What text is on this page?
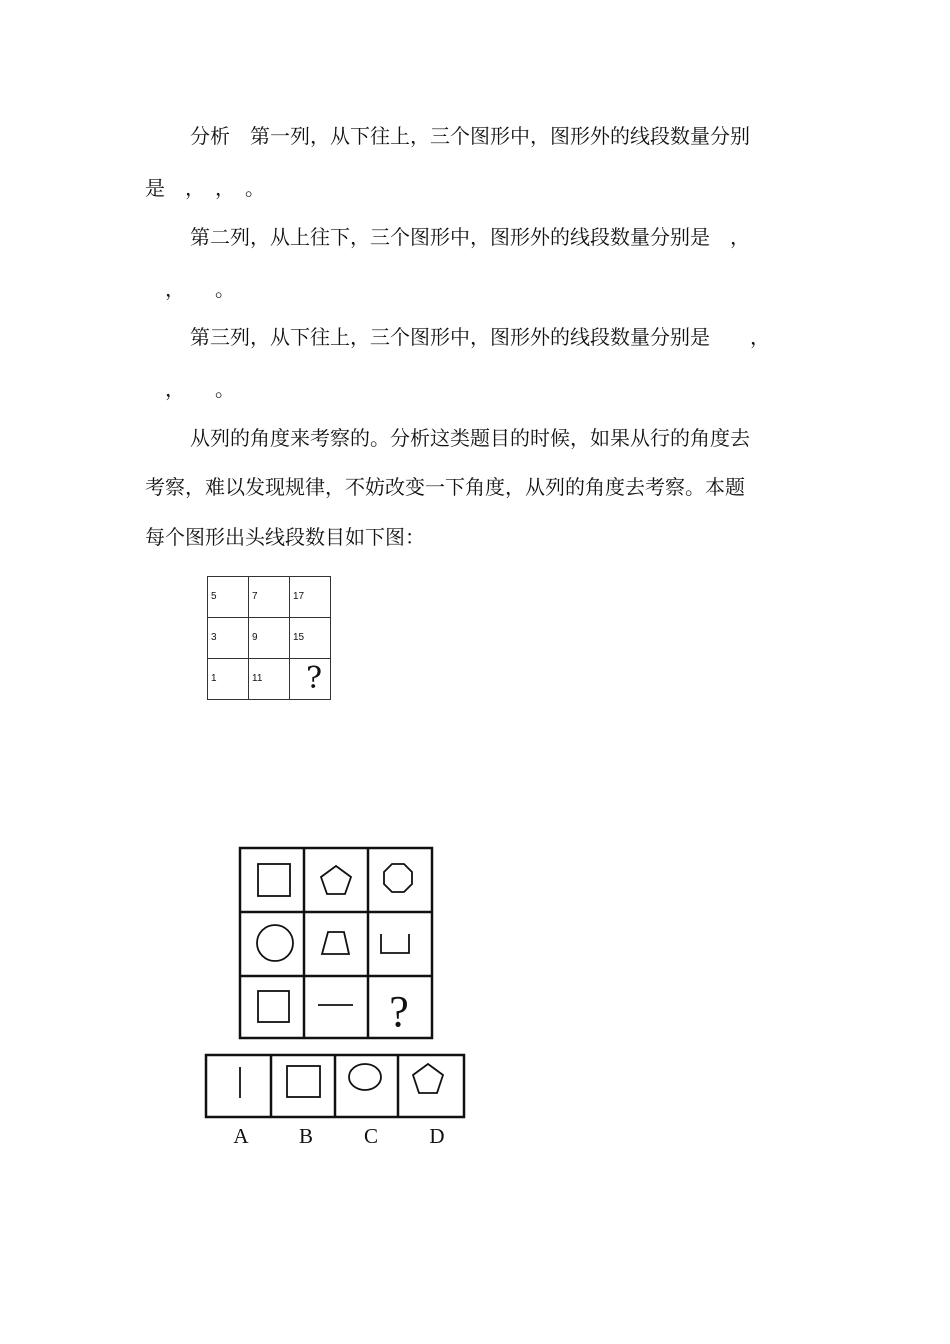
分析　第一列，从下往上，三个图形中，图形外的线段数量分别
是　，　，　。
第二列，从上往下，三个图形中，图形外的线段数量分别是　，
　，　　。
第三列，从下往上，三个图形中，图形外的线段数量分别是　　，
　，　　。
从列的角度来考察的。分析这类题目的时候，如果从行的角度去
考察，难以发现规律，不妨改变一下角度，从列的角度去考察。本题
每个图形出头线段数目如下图：
5	7	17

3	9	15

1	11	?
?
A B C D
